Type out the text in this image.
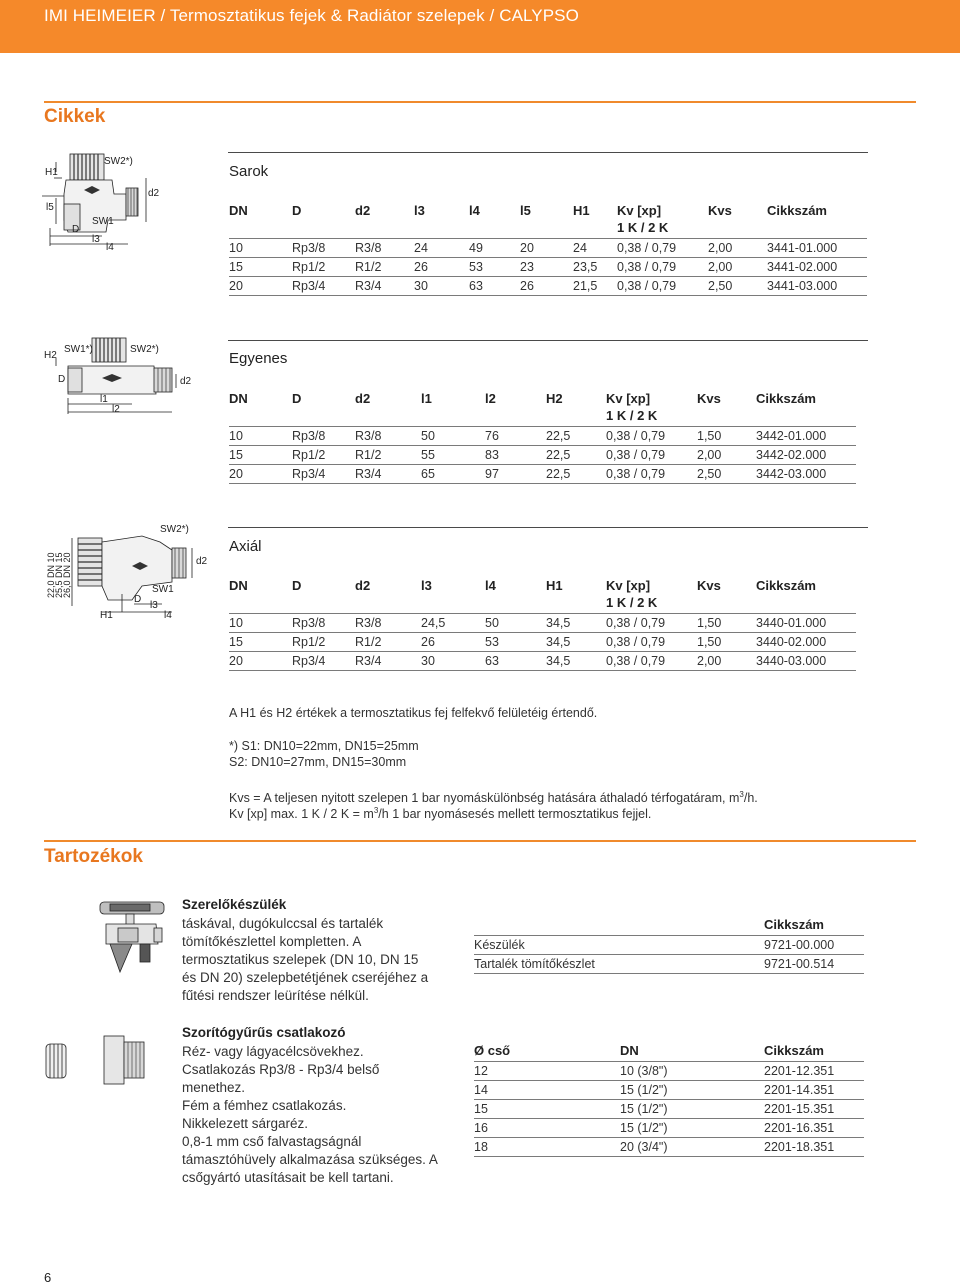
IMI HEIMEIER / Termosztatikus fejek & Radiátor szelepek / CALYPSO
Cikkek
H1
SW2*)
l5
SW1
D
l3
l4
d2
Sarok
DN	D	d2	l3	l4	l5	H1	Kv [xp]	Kvs	Cikkszám
							1 K / 2 K		
10	Rp3/8	R3/8	24	49	20	24	0,38 / 0,79	2,00	3441-01.000
15	Rp1/2	R1/2	26	53	23	23,5	0,38 / 0,79	2,00	3441-02.000
20	Rp3/4	R3/4	30	63	26	21,5	0,38 / 0,79	2,50	3441-03.000
H2
SW1*)	SW2*)
D	d2
l1
l2
Egyenes
DN	D	d2	l1	l2	H2	Kv [xp]	Kvs	Cikkszám
						1 K / 2 K		
10	Rp3/8	R3/8	50	76	22,5	0,38 / 0,79	1,50	3442-01.000
15	Rp1/2	R1/2	55	83	22,5	0,38 / 0,79	2,00	3442-02.000
20	Rp3/4	R3/4	65	97	22,5	0,38 / 0,79	2,50	3442-03.000
22,0 DN 10
25,5 DN 15
26,0 DN 20
SW2*)
SW1
D
l3
l4
H1
d2
Axiál
DN	D	d2	l3	l4	H1	Kv [xp]	Kvs	Cikkszám
						1 K / 2 K		
10	Rp3/8	R3/8	24,5	50	34,5	0,38 / 0,79	1,50	3440-01.000
15	Rp1/2	R1/2	26	53	34,5	0,38 / 0,79	1,50	3440-02.000
20	Rp3/4	R3/4	30	63	34,5	0,38 / 0,79	2,00	3440-03.000
A H1 és H2 értékek a termosztatikus fej felfekvő felületéig értendő.
*) S1: DN10=22mm, DN15=25mm
S2: DN10=27mm, DN15=30mm
Kvs = A teljesen nyitott szelepen 1 bar nyomáskülönbség hatására áthaladó térfogatáram, $m^3/h$.
Kv [xp] max. 1 K / 2 $K = m^3/h$ 1 bar nyomásesés mellett termosztatikus fejjel.
Tartozékok
Szerelőkészülék
táskával, dugókulccsal és tartalék
tömítőkészlettel kompletten. A
termosztatikus szelepek (DN 10, DN 15
és DN 20) szelepbetétjének cseréjéhez a
fűtési rendszer leürítése nélkül.
	Cikkszám
Készülék	9721-00.000
Tartalék tömítőkészlet	9721-00.514
Szorítógyűrűs csatlakozó
Réz- vagy lágyacélcsövekhez.
Csatlakozás Rp3/8 - Rp3/4 belső
menethez.
Fém a fémhez csatlakozás.
Nikkelezett sárgaréz.
0,8-1 mm cső falvastagságnál
támasztóhüvely alkalmazása szükséges. A
csőgyártó utasításait be kell tartani.
Ø cső	DN	Cikkszám
12	10 (3/8")	2201-12.351
14	15 (1/2")	2201-14.351
15	15 (1/2")	2201-15.351
16	15 (1/2")	2201-16.351
18	20 (3/4")	2201-18.351
6
